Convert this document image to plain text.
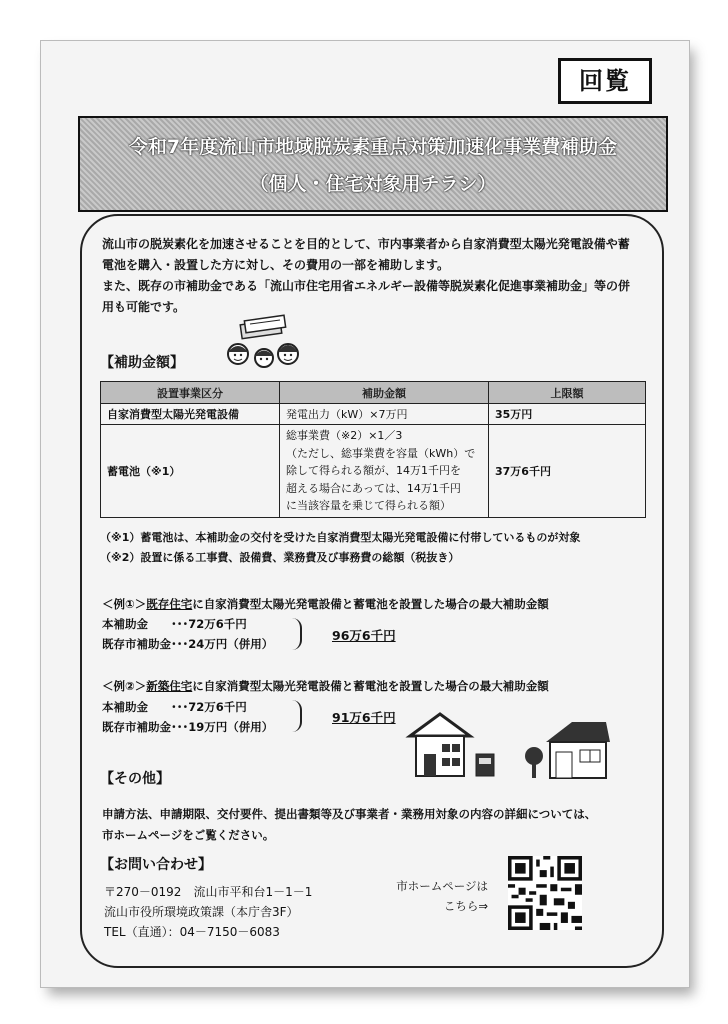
回覧
令和7年度流山市地域脱炭素重点対策加速化事業費補助金
（個人・住宅対象用チラシ）

流山市の脱炭素化を加速させることを目的として、市内事業者から自家消費型太陽光発電設備や蓄

電池を購入・設置した方に対し、その費用の一部を補助します。

また、既存の市補助金である「流山市住宅用省エネルギー設備等脱炭素化促進事業補助金」等の併

用も可能です。

【補助金額】
設置事業区分	補助金額	上限額
自家消費型太陽光発電設備	発電出力（kW）×7万円	35万円
蓄電池（※1）	総事業費（※2）×1／3
（ただし、総事業費を容量（kWh）で
除して得られる額が、14万1千円を
超える場合にあっては、14万1千円
に当該容量を乗じて得られる額）	37万6千円
（※1）蓄電池は、本補助金の交付を受けた自家消費型太陽光発電設備に付帯しているものが対象
（※2）設置に係る工事費、設備費、業務費及び事務費の総額（税抜き）
＜例①＞既存住宅に自家消費型太陽光発電設備と蓄電池を設置した場合の最大補助金額
本補助金　　･･･72万6千円
既存市補助金･･･24万円（併用）
96万6千円
＜例②＞新築住宅に自家消費型太陽光発電設備と蓄電池を設置した場合の最大補助金額
本補助金　　･･･72万6千円
既存市補助金･･･19万円（併用）
91万6千円
【その他】
申請方法、申請期限、交付要件、提出書類等及び事業者・業務用対象の内容の詳細については、
市ホームページをご覧ください。
【お問い合わせ】
〒270－0192　流山市平和台1－1－1
流山市役所環境政策課（本庁舎3F）
TEL（直通）：04－7150－6083
市ホームページは
こちら⇒
